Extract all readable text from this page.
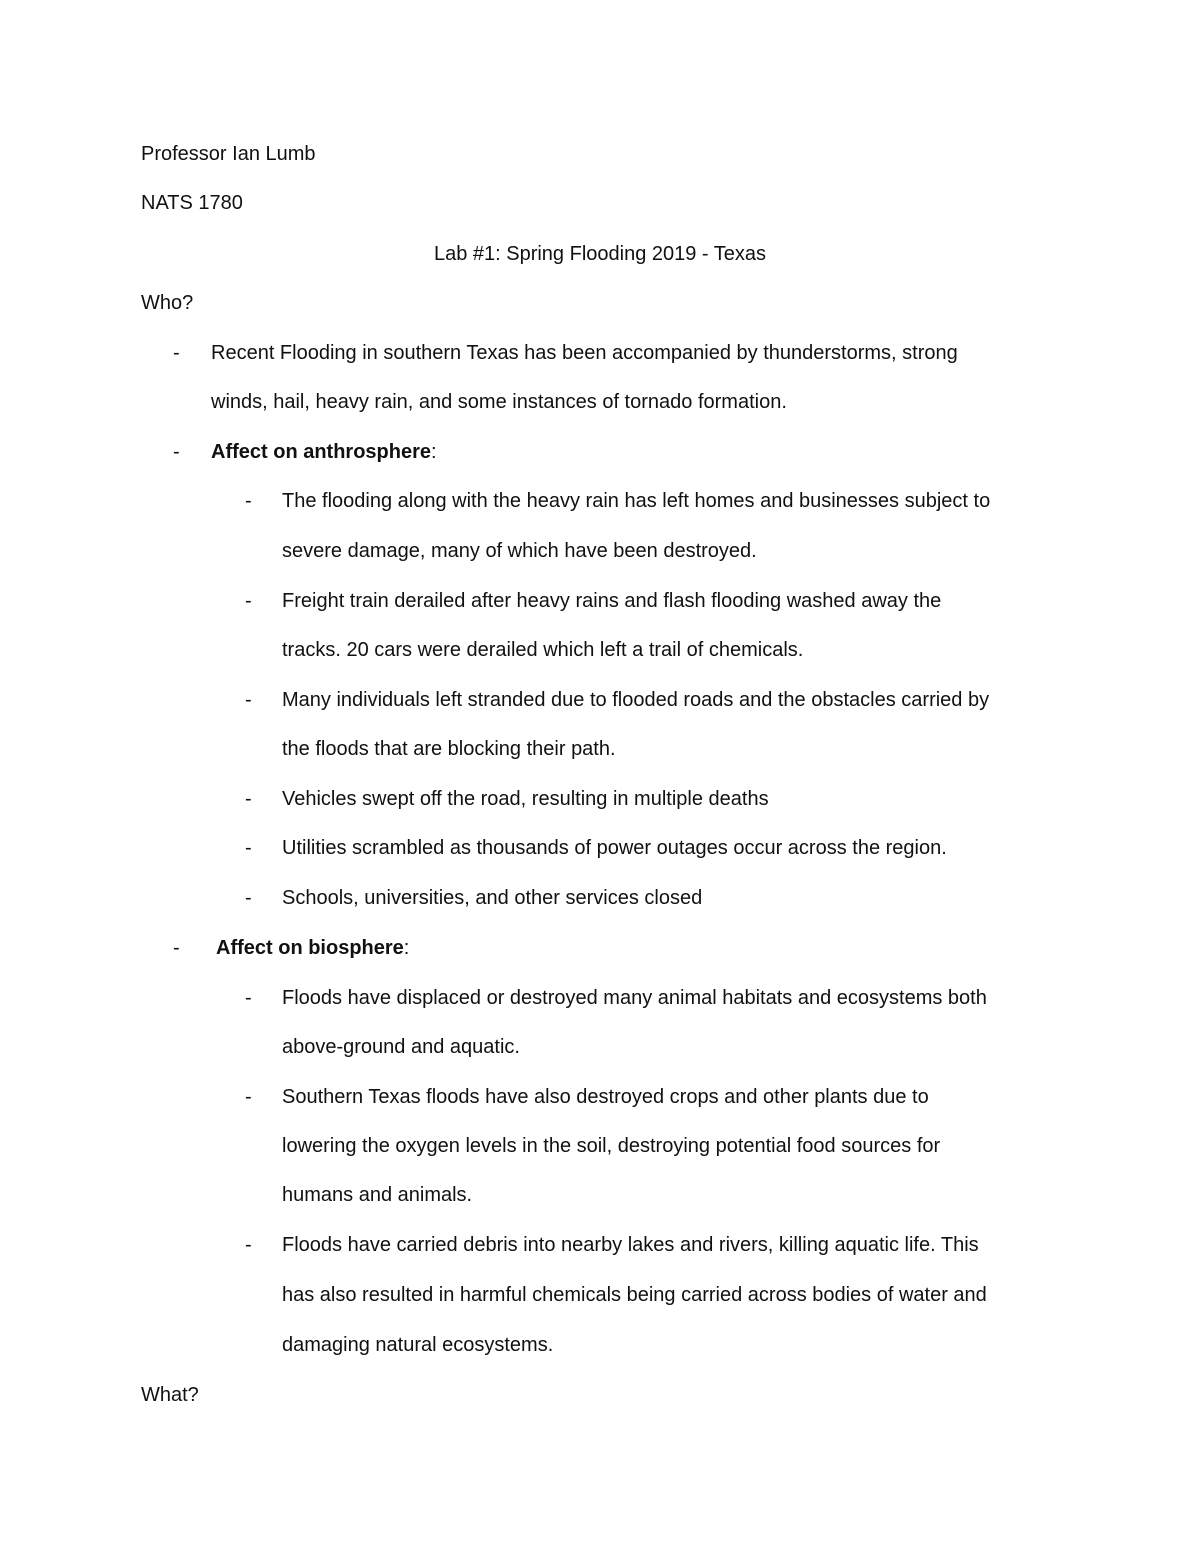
Professor Ian Lumb
NATS 1780
Lab #1: Spring Flooding 2019 - Texas
Who?
- Recent Flooding in southern Texas has been accompanied by thunderstorms, strong
winds, hail, heavy rain, and some instances of tornado formation.
- Affect on anthrosphere:
- The flooding along with the heavy rain has left homes and businesses subject to
severe damage, many of which have been destroyed.
- Freight train derailed after heavy rains and flash flooding washed away the
tracks. 20 cars were derailed which left a trail of chemicals.
- Many individuals left stranded due to flooded roads and the obstacles carried by
the floods that are blocking their path.
- Vehicles swept off the road, resulting in multiple deaths
- Utilities scrambled as thousands of power outages occur across the region.
- Schools, universities, and other services closed
- Affect on biosphere:
- Floods have displaced or destroyed many animal habitats and ecosystems both
above-ground and aquatic.
- Southern Texas floods have also destroyed crops and other plants due to
lowering the oxygen levels in the soil, destroying potential food sources for
humans and animals.
- Floods have carried debris into nearby lakes and rivers, killing aquatic life. This
has also resulted in harmful chemicals being carried across bodies of water and
damaging natural ecosystems.
What?
